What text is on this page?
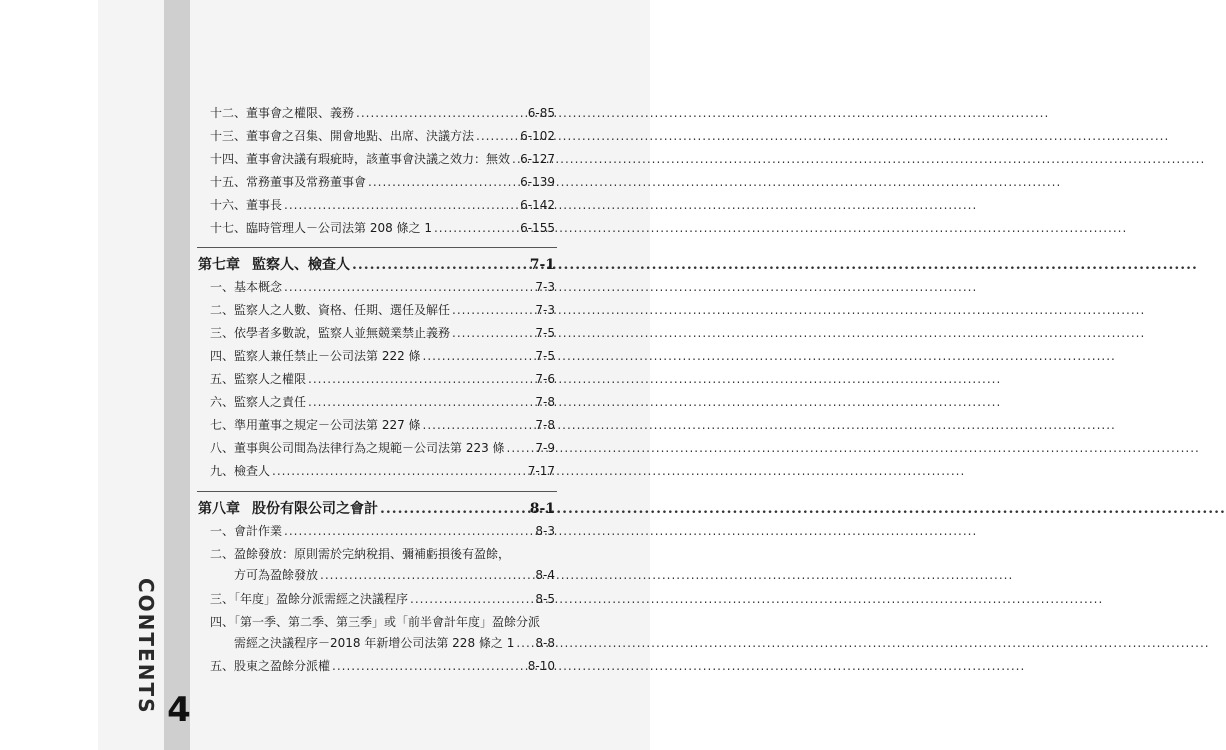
CONTENTS 4
十二、董事會之權限、義務 .....	6-85
十三、董事會之召集、開會地點、出席、決議方法 .....	6-102
十四、董事會決議有瑕疵時，該董事會決議之效力：無效 ..... 6-127
十五、常務董事及常務董事會 .....	6-139
十六、董事長 .....	6-142
十七、臨時管理人－公司法第 208 條之 1 .....	6-155
第七章 監察人、檢查人 .....	7-1
一、基本概念 .....	7-3
二、監察人之人數、資格、任期、選任及解任 .....	7-3
三、依學者多數說，監察人並無競業禁止義務 .....	7-5
四、監察人兼任禁止－公司法第 222 條 .....	7-5
五、監察人之權限 .....	7-6
六、監察人之責任 .....	7-8
七、準用董事之規定－公司法第 227 條 .....	7-8
八、董事與公司間為法律行為之規範－公司法第 223 條 .....	7-9
九、檢查人 .....	7-17
第八章 股份有限公司之會計 .....	8-1
一、會計作業 .....	8-3
二、盈餘發放：原則需於完納稅捐、彌補虧損後有盈餘，
方可為盈餘發放 .....	8-4
三、「年度」盈餘分派需經之決議程序 .....	8-5
四、「第一季、第二季、第三季」或「前半會計年度」盈餘分派
需經之決議程序－2018 年新增公司法第 228 條之 1 ..... 8-8
五、股東之盈餘分派權 .....	8-10
